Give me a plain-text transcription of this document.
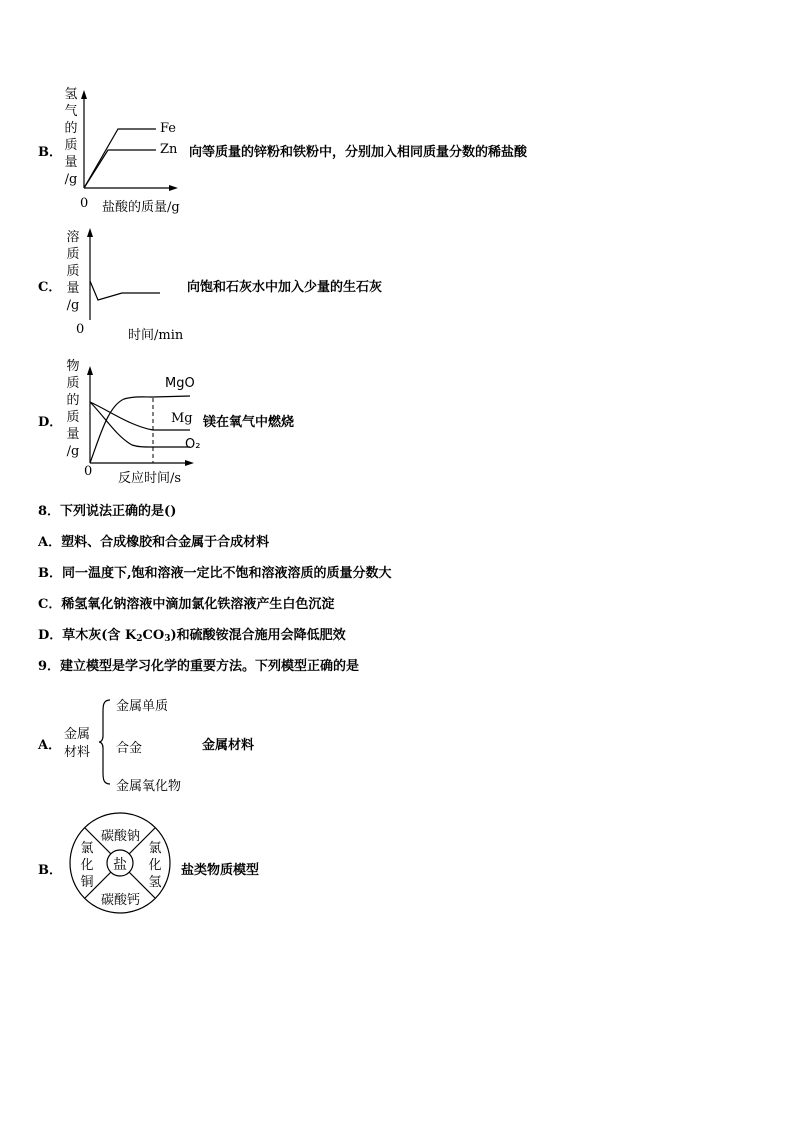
B．
氢
气
的
质
量
/g
Fe
Zn 向等质量的锌粉和铁粉中，分别加入相同质量分数的稀盐酸
0 盐酸的质量/g
C．
溶
质
质
量
/g
向饱和石灰水中加入少量的生石灰
0	时间/min
D．
物
质
的
质
量
/g
MgO
Mg
O₂
镁在氧气中燃烧
0 反应时间/s
8．下列说法正确的是()
A．塑料、合成橡胶和合金属于合成材料
B．同一温度下,饱和溶液一定比不饱和溶液溶质的质量分数大
C．稀氢氧化钠溶液中滴加氯化铁溶液产生白色沉淀
D．草木灰(含 $K_2CO_3$)和硫酸铵混合施用会降低肥效
9．建立模型是学习化学的重要方法。下列模型正确的是
A．
金属
材料
金属单质
合金
金属氧化物
金属材料
B．	盐
碳酸钠
碳酸钙
氯
化
铜
氯
化
氢
盐类物质模型
